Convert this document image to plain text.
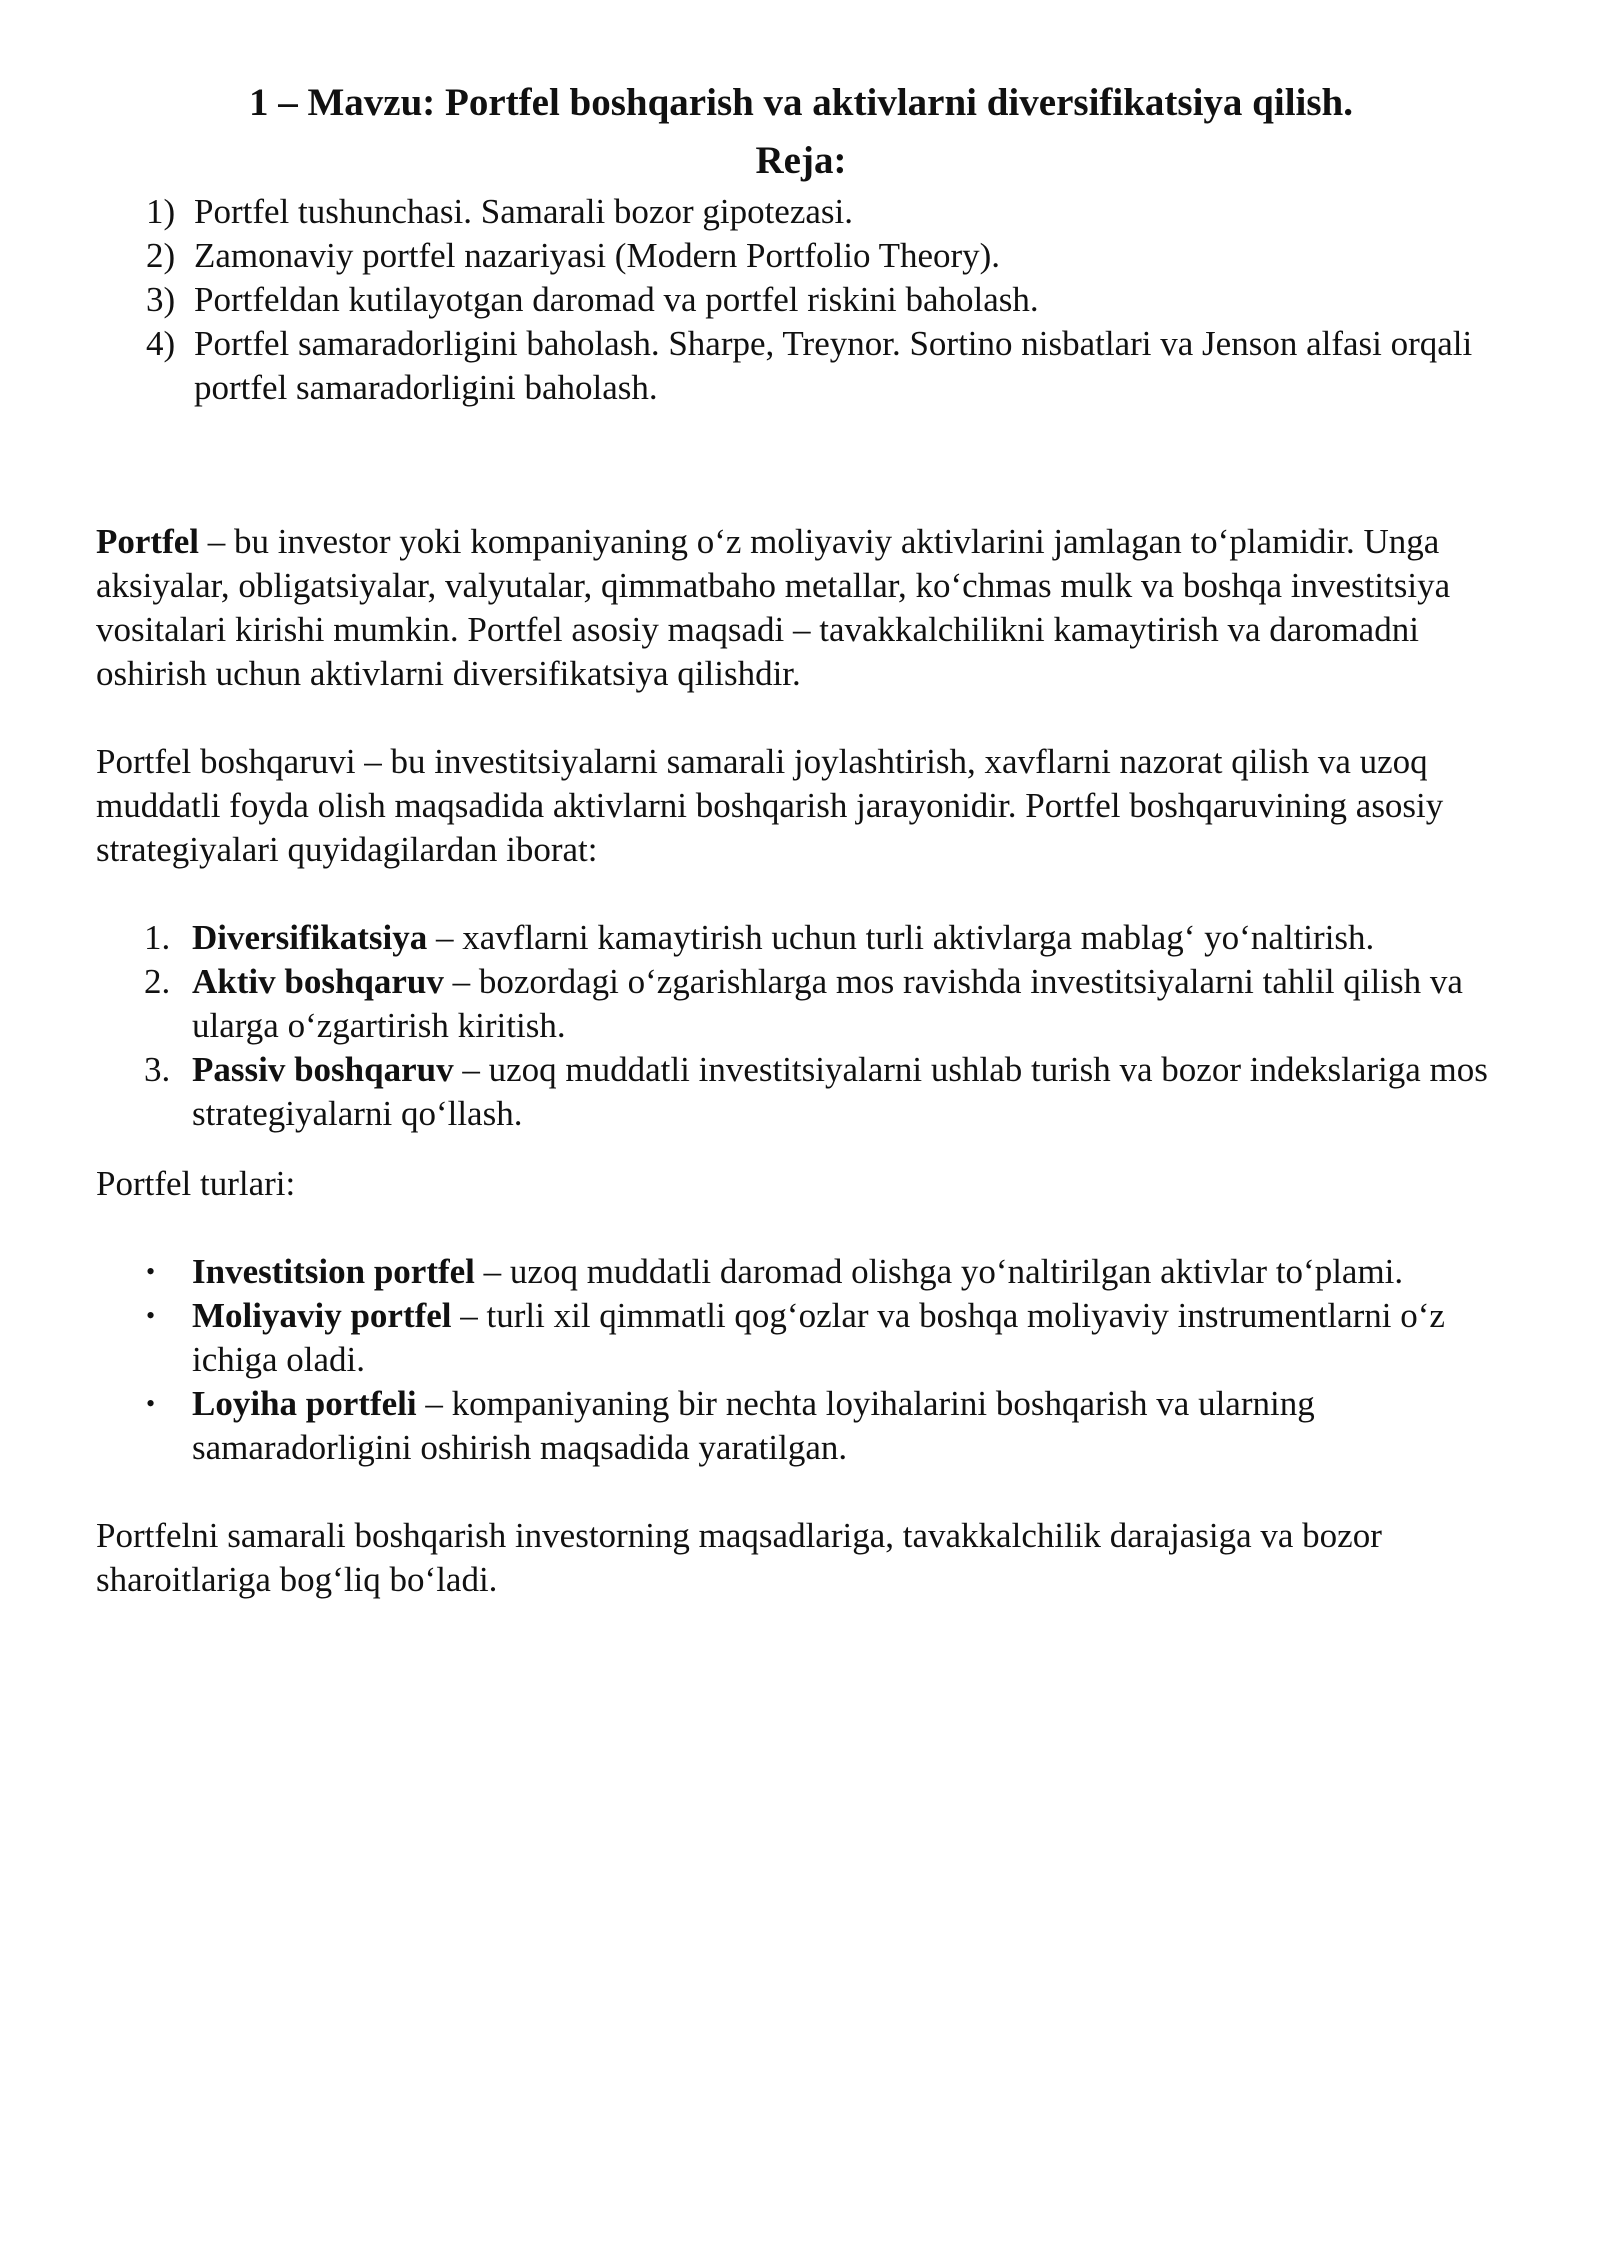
1 – Mavzu: Portfel boshqarish va aktivlarni diversifikatsiya qilish.
Reja:
1) Portfel tushunchasi. Samarali bozor gipotezasi.
2) Zamonaviy portfel nazariyasi (Modern Portfolio Theory).
3) Portfeldan kutilayotgan daromad va portfel riskini baholash.
4) Portfel samaradorligini baholash. Sharpe, Treynor. Sortino nisbatlari va Jenson alfasi orqali portfel samaradorligini baholash.

Portfel – bu investor yoki kompaniyaning o‘z moliyaviy aktivlarini jamlagan to‘plamidir. Unga aksiyalar, obligatsiyalar, valyutalar, qimmatbaho metallar, ko‘chmas mulk va boshqa investitsiya vositalari kirishi mumkin. Portfel asosiy maqsadi – tavakkalchilikni kamaytirish va daromadni oshirish uchun aktivlarni diversifikatsiya qilishdir.

Portfel boshqaruvi – bu investitsiyalarni samarali joylashtirish, xavflarni nazorat qilish va uzoq muddatli foyda olish maqsadida aktivlarni boshqarish jarayonidir. Portfel boshqaruvining asosiy strategiyalari quyidagilardan iborat:

1. Diversifikatsiya – xavflarni kamaytirish uchun turli aktivlarga mablag‘ yo‘naltirish.
2. Aktiv boshqaruv – bozordagi o‘zgarishlarga mos ravishda investitsiyalarni tahlil qilish va ularga o‘zgartirish kiritish.
3. Passiv boshqaruv – uzoq muddatli investitsiyalarni ushlab turish va bozor indekslariga mos strategiyalarni qo‘llash.

Portfel turlari:

• Investitsion portfel – uzoq muddatli daromad olishga yo‘naltirilgan aktivlar to‘plami.
• Moliyaviy portfel – turli xil qimmatli qog‘ozlar va boshqa moliyaviy instrumentlarni o‘z ichiga oladi.
• Loyiha portfeli – kompaniyaning bir nechta loyihalarini boshqarish va ularning samaradorligini oshirish maqsadida yaratilgan.

Portfelni samarali boshqarish investorning maqsadlariga, tavakkalchilik darajasiga va bozor sharoitlariga bog‘liq bo‘ladi.
